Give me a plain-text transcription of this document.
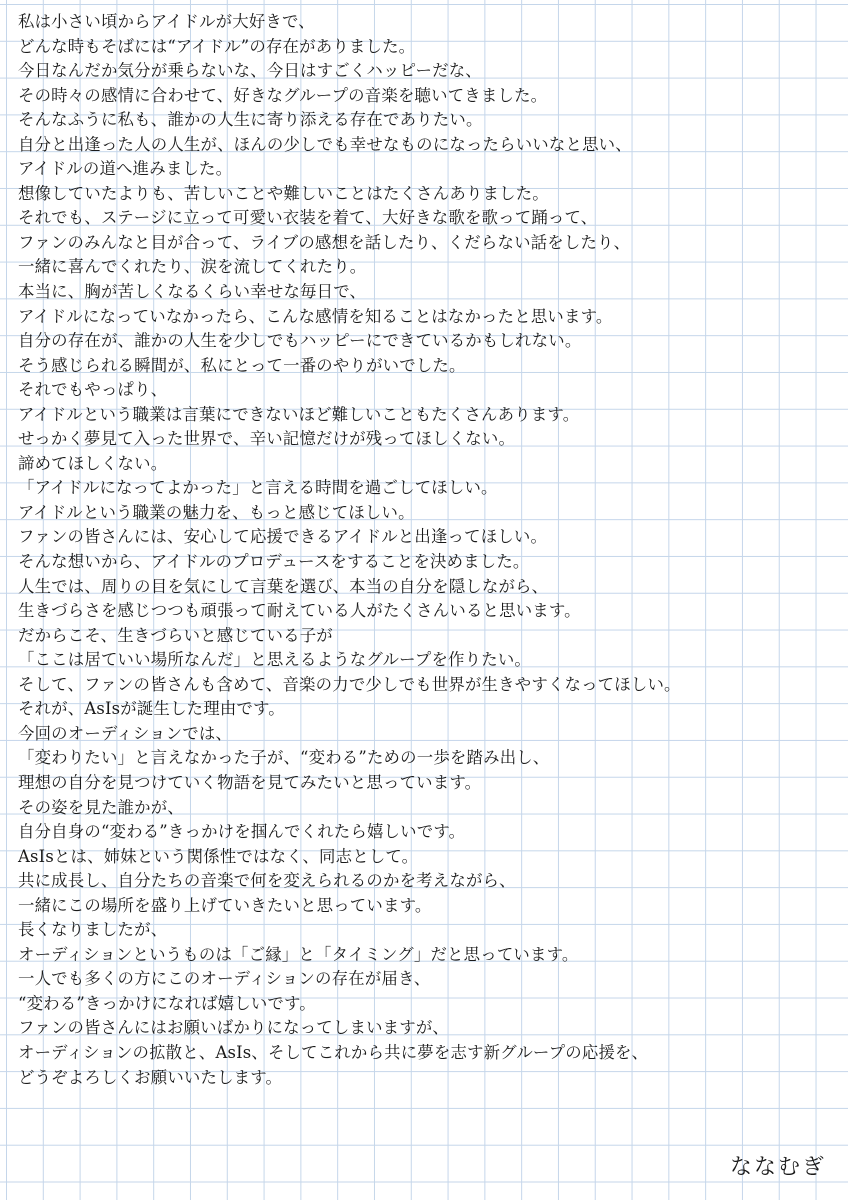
私は小さい頃からアイドルが大好きで、
どんな時もそばには“アイドル”の存在がありました。
今日なんだか気分が乗らないな、今日はすごくハッピーだな、
その時々の感情に合わせて、好きなグループの音楽を聴いてきました。
そんなふうに私も、誰かの人生に寄り添える存在でありたい。
自分と出逢った人の人生が、ほんの少しでも幸せなものになったらいいなと思い、
アイドルの道へ進みました。
想像していたよりも、苦しいことや難しいことはたくさんありました。
それでも、ステージに立って可愛い衣装を着て、大好きな歌を歌って踊って、
ファンのみんなと目が合って、ライブの感想を話したり、くだらない話をしたり、
一緒に喜んでくれたり、涙を流してくれたり。
本当に、胸が苦しくなるくらい幸せな毎日で、
アイドルになっていなかったら、こんな感情を知ることはなかったと思います。
自分の存在が、誰かの人生を少しでもハッピーにできているかもしれない。
そう感じられる瞬間が、私にとって一番のやりがいでした。
それでもやっぱり、
アイドルという職業は言葉にできないほど難しいこともたくさんあります。
せっかく夢見て入った世界で、辛い記憶だけが残ってほしくない。
諦めてほしくない。
「アイドルになってよかった」と言える時間を過ごしてほしい。
アイドルという職業の魅力を、もっと感じてほしい。
ファンの皆さんには、安心して応援できるアイドルと出逢ってほしい。
そんな想いから、アイドルのプロデュースをすることを決めました。
人生では、周りの目を気にして言葉を選び、本当の自分を隠しながら、
生きづらさを感じつつも頑張って耐えている人がたくさんいると思います。
だからこそ、生きづらいと感じている子が
「ここは居ていい場所なんだ」と思えるようなグループを作りたい。
そして、ファンの皆さんも含めて、音楽の力で少しでも世界が生きやすくなってほしい。
それが、AsIsが誕生した理由です。
今回のオーディションでは、
「変わりたい」と言えなかった子が、“変わる”ための一歩を踏み出し、
理想の自分を見つけていく物語を見てみたいと思っています。
その姿を見た誰かが、
自分自身の“変わる”きっかけを掴んでくれたら嬉しいです。
AsIsとは、姉妹という関係性ではなく、同志として。
共に成長し、自分たちの音楽で何を変えられるのかを考えながら、
一緒にこの場所を盛り上げていきたいと思っています。
長くなりましたが、
オーディションというものは「ご縁」と「タイミング」だと思っています。
一人でも多くの方にこのオーディションの存在が届き、
“変わる”きっかけになれば嬉しいです。
ファンの皆さんにはお願いばかりになってしまいますが、
オーディションの拡散と、AsIs、そしてこれから共に夢を志す新グループの応援を、
どうぞよろしくお願いいたします。
ななむぎ
